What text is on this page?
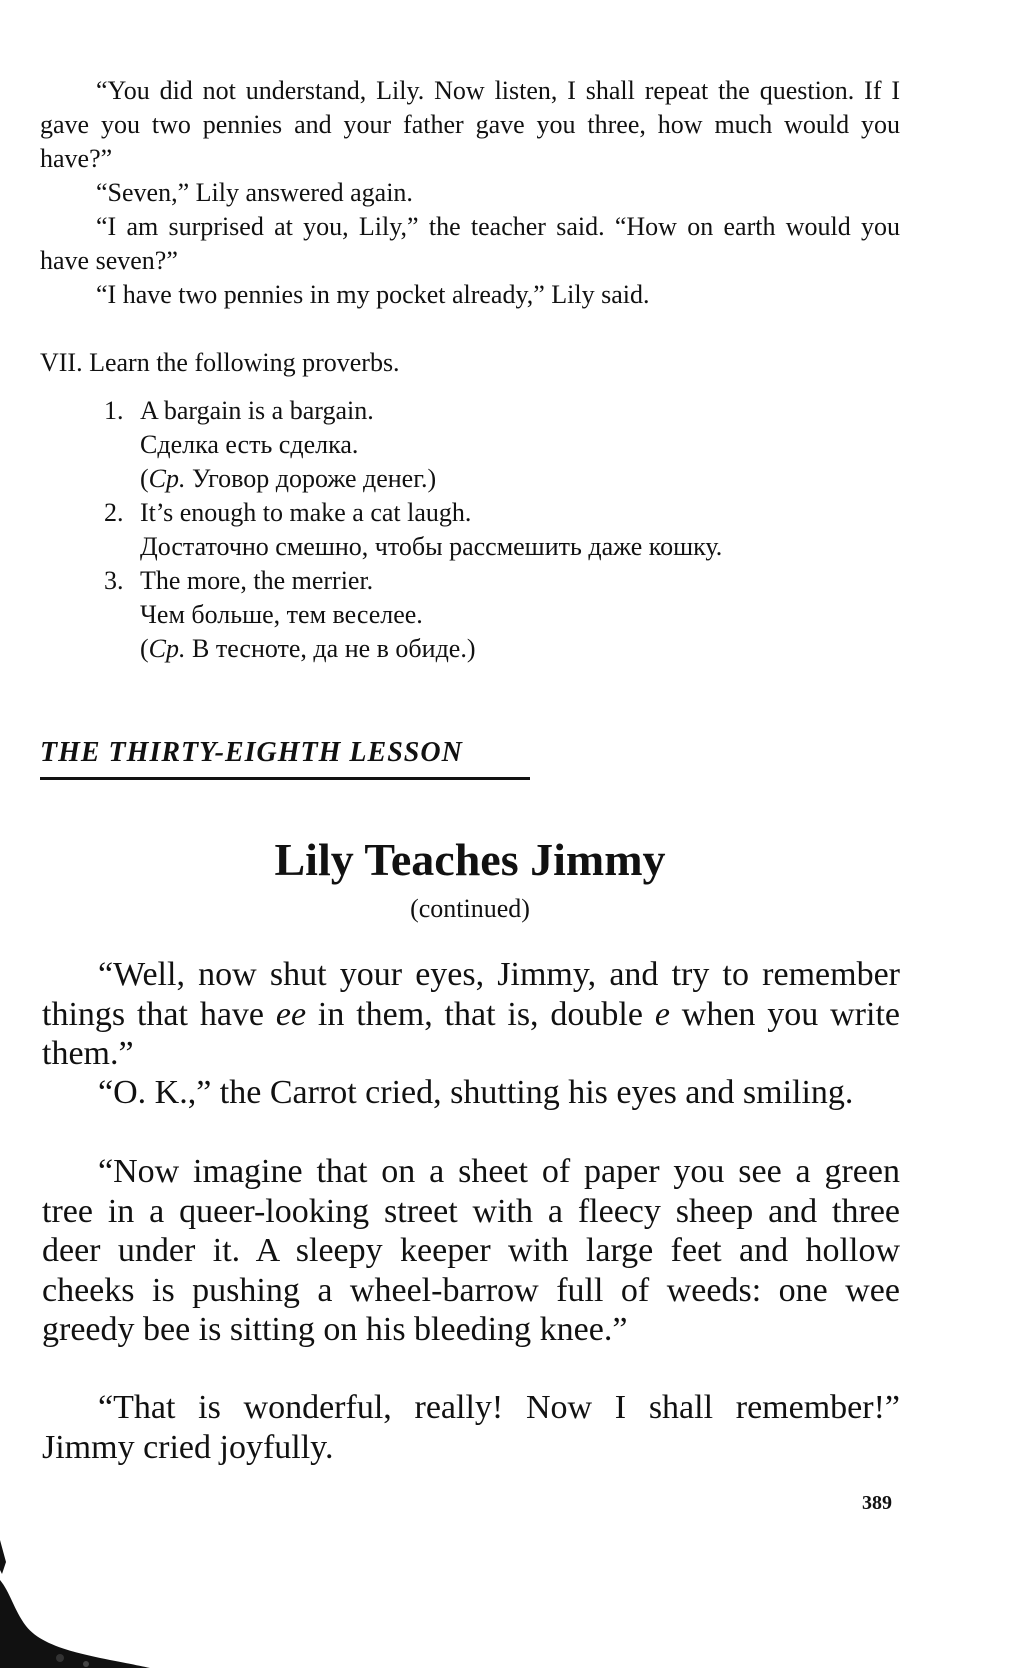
“You did not understand, Lily. Now listen, I shall repeat the question. If I gave you two pennies and your father gave you three, how much would you have?”

“Seven,” Lily answered again.

“I am surprised at you, Lily,” the teacher said. “How on earth would you have seven?”

“I have two pennies in my pocket already,” Lily said.

VII. Learn the following proverbs.
1. A bargain is a bargain.
Сделка есть сделка.
(Ср. Уговор дороже денег.)
2. It’s enough to make a cat laugh.
Достаточно смешно, чтобы рассмешить даже кошку.
3. The more, the merrier.
Чем больше, тем веселее.
(Ср. В тесноте, да не в обиде.)
THE THIRTY-EIGHTH LESSON
Lily Teaches Jimmy
(continued)

“Well, now shut your eyes, Jimmy, and try to remember things that have ee in them, that is, double e when you write them.”

“O. K.,” the Carrot cried, shutting his eyes and smiling.

“Now imagine that on a sheet of paper you see a green tree in a queer-looking street with a fleecy sheep and three deer under it. A sleepy keeper with large feet and hollow cheeks is pushing a wheel-barrow full of weeds: one wee greedy bee is sitting on his bleeding knee.”

“That is wonderful, really! Now I shall remember!” Jimmy cried joyfully.

389
